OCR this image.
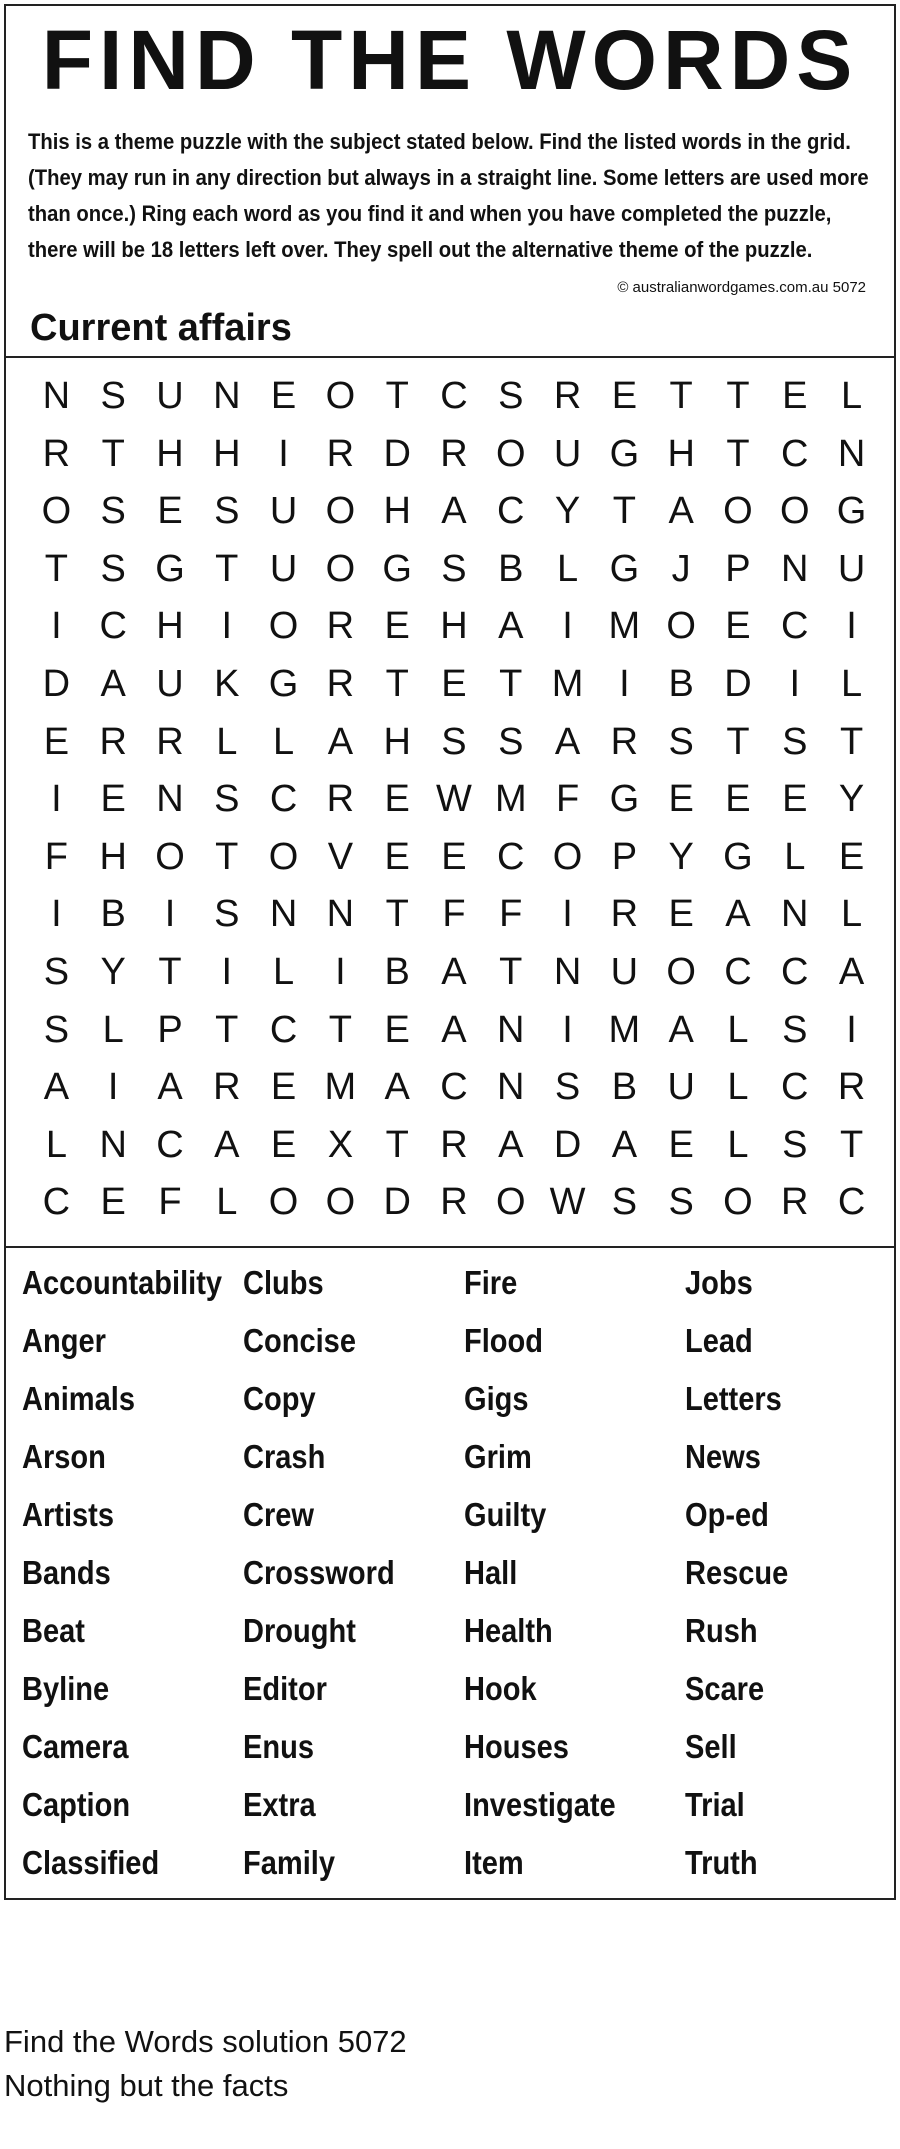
FIND THE WORDS

This is a theme puzzle with the subject stated below. Find the listed words in the grid. (They may run in any direction but always in a straight line. Some letters are used more than once.) Ring each word as you find it and when you have completed the puzzle, there will be 18 letters left over. They spell out the alternative theme of the puzzle.

© australianwordgames.com.au 5072
Current affairs
N S U N E O T C S R E T T E L
R T H H I R D R O U G H T C N
O S E S U O H A C Y T A O O G
T S G T U O G S B L G J P N U
I C H I O R E H A	I M O E C I
D A U K G R T E T M I	B D I	L
E R R L L A H S S A R S T S T
I	E N S C R E W M F G E E E Y
F H O T O V E E C O P Y G L E
I	B	I	S N N T F F	I R E A N L
S Y T	I	L	I	B A T N U O C C A
S L P T C T E A N I M A L S	I
A	I	A R E M A C N S B U L C R
L N C A E X T R A D A E L S T
C E F L O O D R O W S S O R C
Accountability
Anger
Animals
Arson
Artists
Bands
Beat
Byline
Camera
Caption
Classified
Clubs
Concise
Copy
Crash
Crew
Crossword
Drought
Editor
Enus
Extra
Family
Fire
Flood
Gigs
Grim
Guilty
Hall
Health
Hook
Houses
Investigate
Item
Jobs
Lead
Letters
News
Op-ed
Rescue
Rush
Scare
Sell
Trial
Truth
Find the Words solution 5072
Nothing but the facts
